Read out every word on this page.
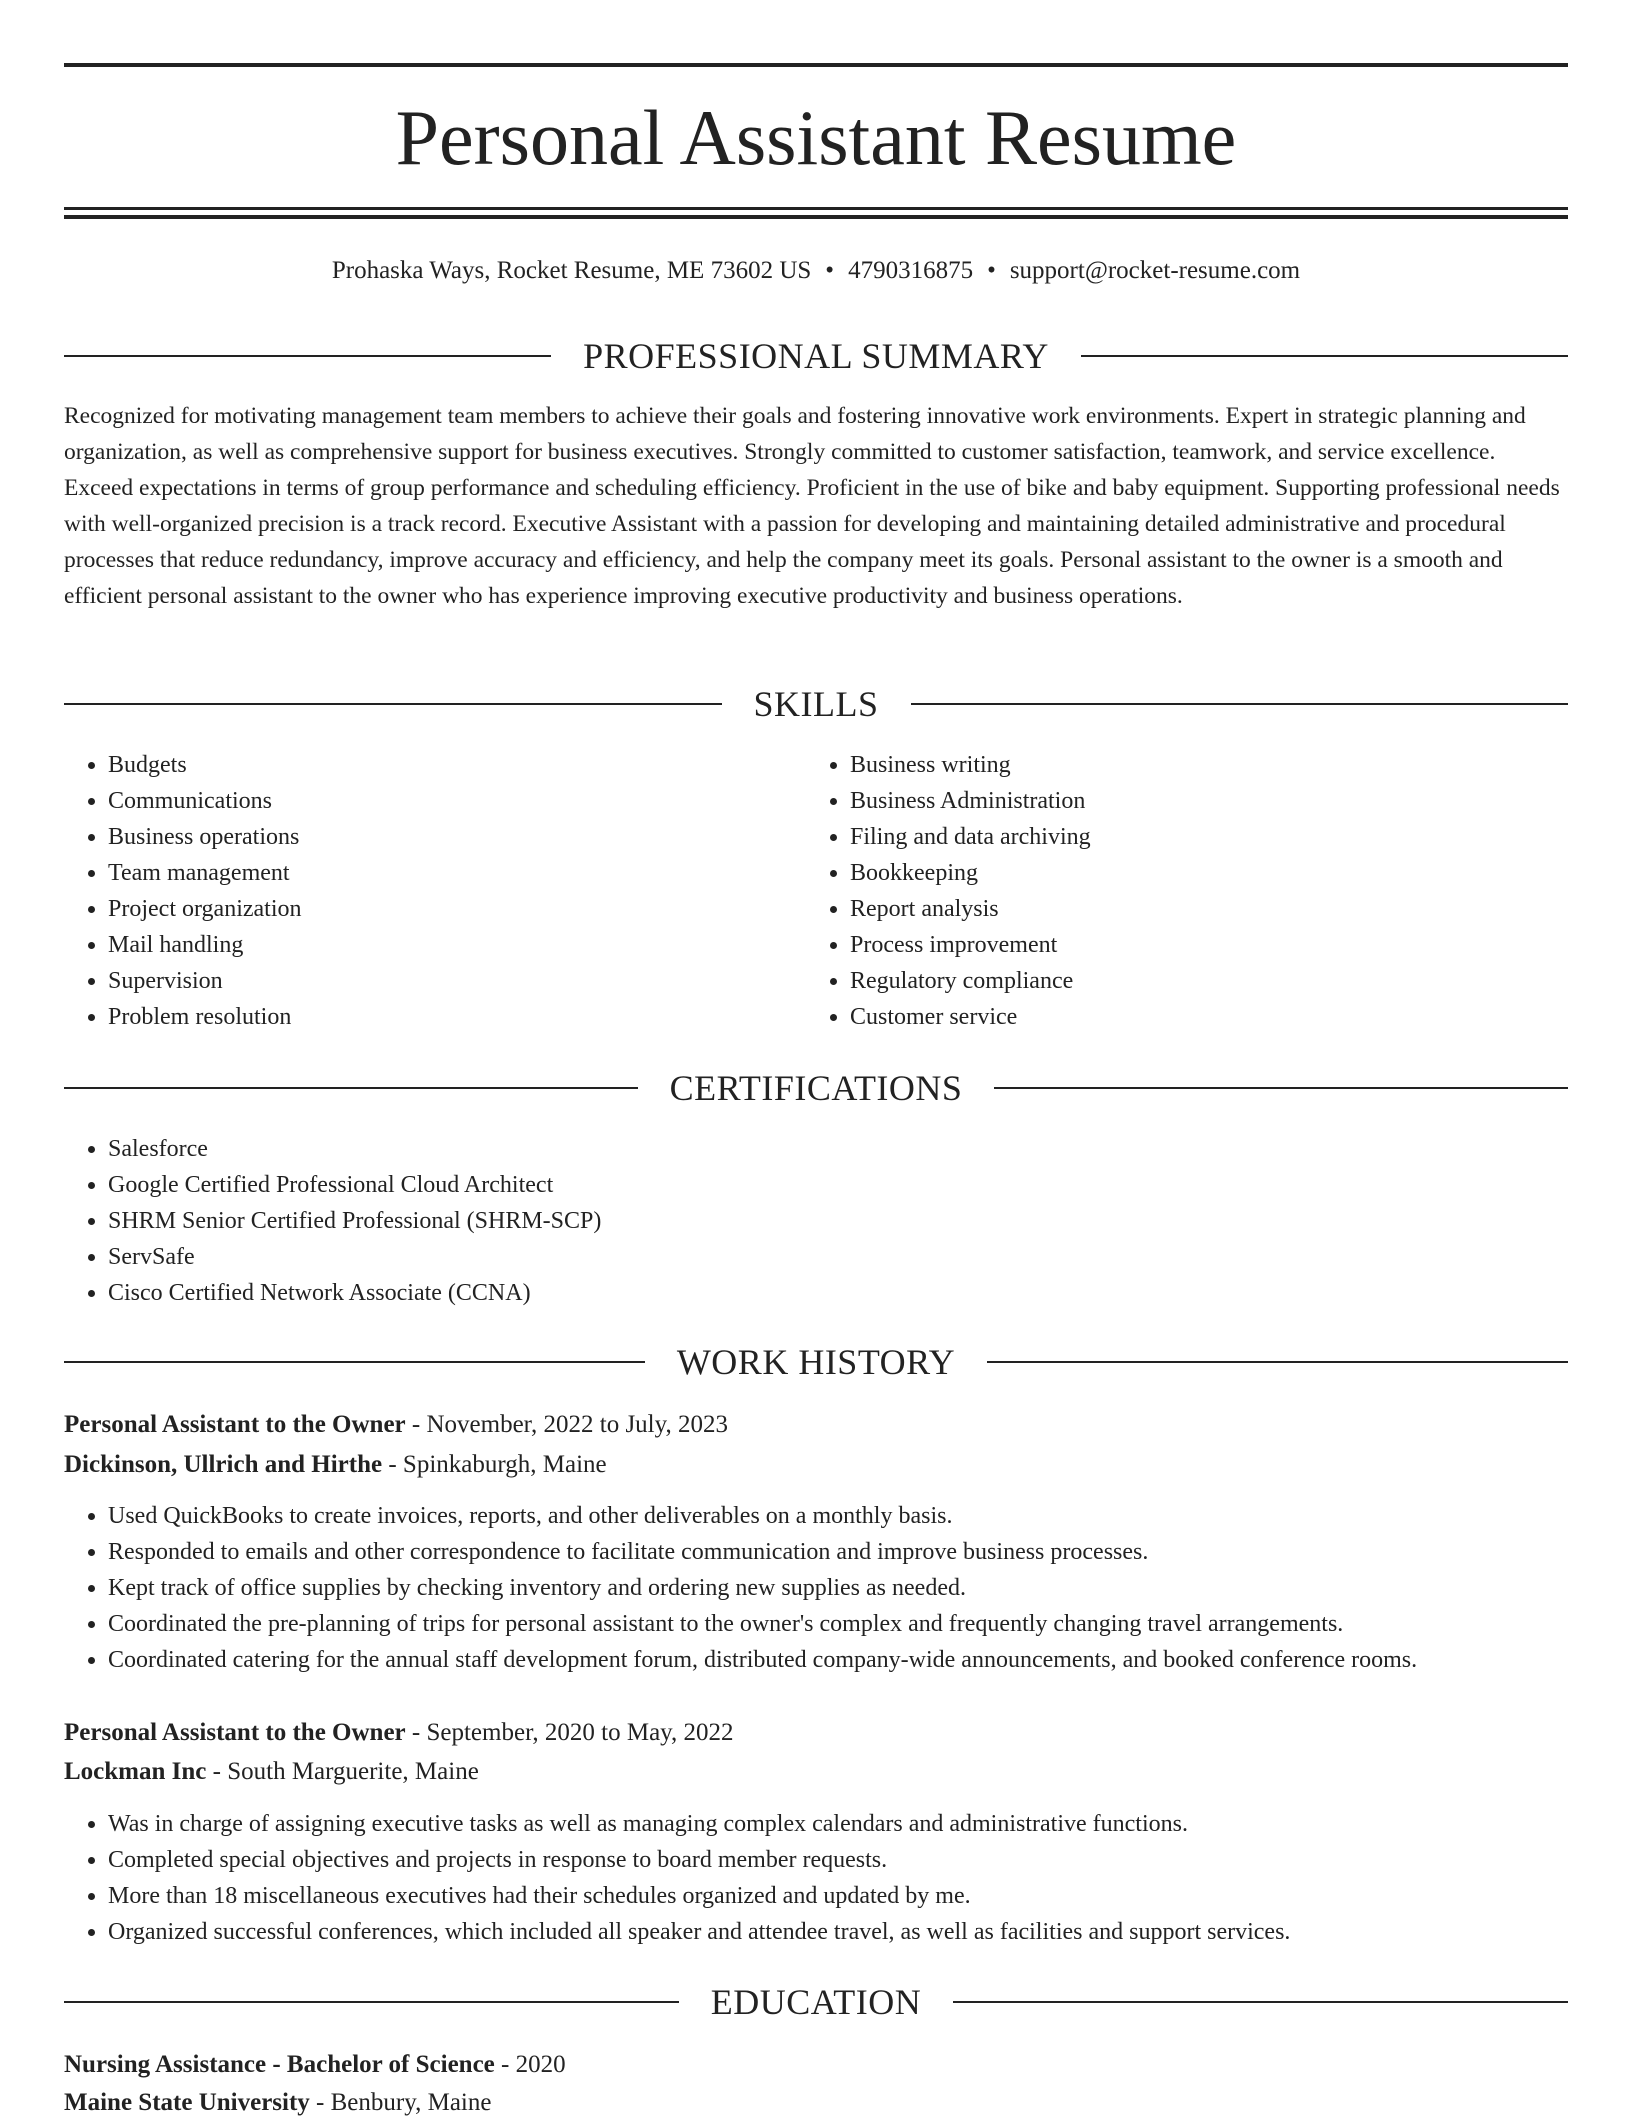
Personal Assistant Resume
Prohaska Ways, Rocket Resume, ME 73602 US • 4790316875 • support@rocket-resume.com
PROFESSIONAL SUMMARY
Recognized for motivating management team members to achieve their goals and fostering innovative work environments. Expert in strategic planning and organization, as well as comprehensive support for business executives. Strongly committed to customer satisfaction, teamwork, and service excellence. Exceed expectations in terms of group performance and scheduling efficiency. Proficient in the use of bike and baby equipment. Supporting professional needs with well-organized precision is a track record. Executive Assistant with a passion for developing and maintaining detailed administrative and procedural processes that reduce redundancy, improve accuracy and efficiency, and help the company meet its goals. Personal assistant to the owner is a smooth and efficient personal assistant to the owner who has experience improving executive productivity and business operations.
SKILLS
• Budgets
• Communications
• Business operations
• Team management
• Project organization
• Mail handling
• Supervision
• Problem resolution
• Business writing
• Business Administration
• Filing and data archiving
• Bookkeeping
• Report analysis
• Process improvement
• Regulatory compliance
• Customer service
CERTIFICATIONS
• Salesforce
• Google Certified Professional Cloud Architect
• SHRM Senior Certified Professional (SHRM-SCP)
• ServSafe
• Cisco Certified Network Associate (CCNA)
WORK HISTORY
Personal Assistant to the Owner - November, 2022 to July, 2023
Dickinson, Ullrich and Hirthe - Spinkaburgh, Maine
• Used QuickBooks to create invoices, reports, and other deliverables on a monthly basis.
• Responded to emails and other correspondence to facilitate communication and improve business processes.
• Kept track of office supplies by checking inventory and ordering new supplies as needed.
• Coordinated the pre-planning of trips for personal assistant to the owner's complex and frequently changing travel arrangements.
• Coordinated catering for the annual staff development forum, distributed company-wide announcements, and booked conference rooms.
Personal Assistant to the Owner - September, 2020 to May, 2022
Lockman Inc - South Marguerite, Maine
• Was in charge of assigning executive tasks as well as managing complex calendars and administrative functions.
• Completed special objectives and projects in response to board member requests.
• More than 18 miscellaneous executives had their schedules organized and updated by me.
• Organized successful conferences, which included all speaker and attendee travel, as well as facilities and support services.
EDUCATION
Nursing Assistance - Bachelor of Science - 2020
Maine State University - Benbury, Maine
